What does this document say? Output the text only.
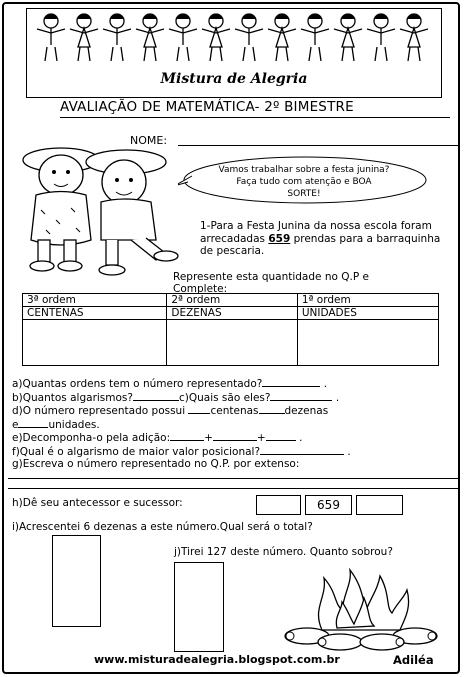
Mistura de Alegria
AVALIAÇÃO DE MATEMÁTICA- 2º BIMESTRE
NOME:
Vamos trabalhar sobre a festa junina?
Faça tudo com atenção e BOA
SORTE!
1-Para a Festa Junina da nossa escola foram arrecadadas 659 prendas para a barraquinha de pescaria.
Represente esta quantidade no Q.P e
Complete:
3ª ordem	2ª ordem	1ª ordem
CENTENAS	DEZENAS	UNIDADES

a)Quantas ordens tem o número representado?	.
b)Quantos algarismos?	c)Quais são eles?	.
d)O número representado possui centenas dezenas
e	unidades.
e)Decomponha-o pela adição:	+	+	.
f)Qual é o algarismo de maior valor posicional?	.
g)Escreva o número representado no Q.P. por extenso:
h)Dê seu antecessor e sucessor:	659
i)Acrescentei 6 dezenas a este número.Qual será o total?
j)Tirei 127 deste número. Quanto sobrou?
www.misturadealegria.blogspot.com.br	Adiléa
